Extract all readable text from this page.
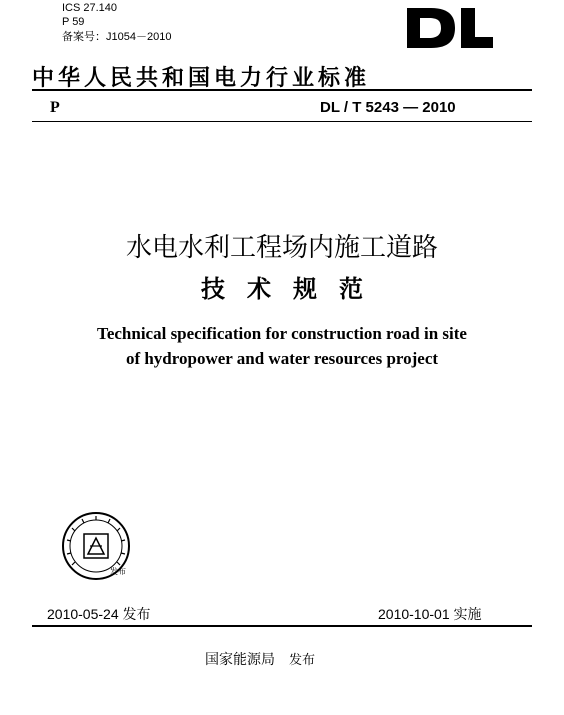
ICS 27.140
P 59
备案号：J1054－2010
中华人民共和国电力行业标准
P	DL / T 5243 — 2010
水电水利工程场内施工道路
技术规范
Technical specification for construction road in site
of hydropower and water resources project
发布
2010-05-24 发布	2010-10-01 实施
国家能源局 发布
